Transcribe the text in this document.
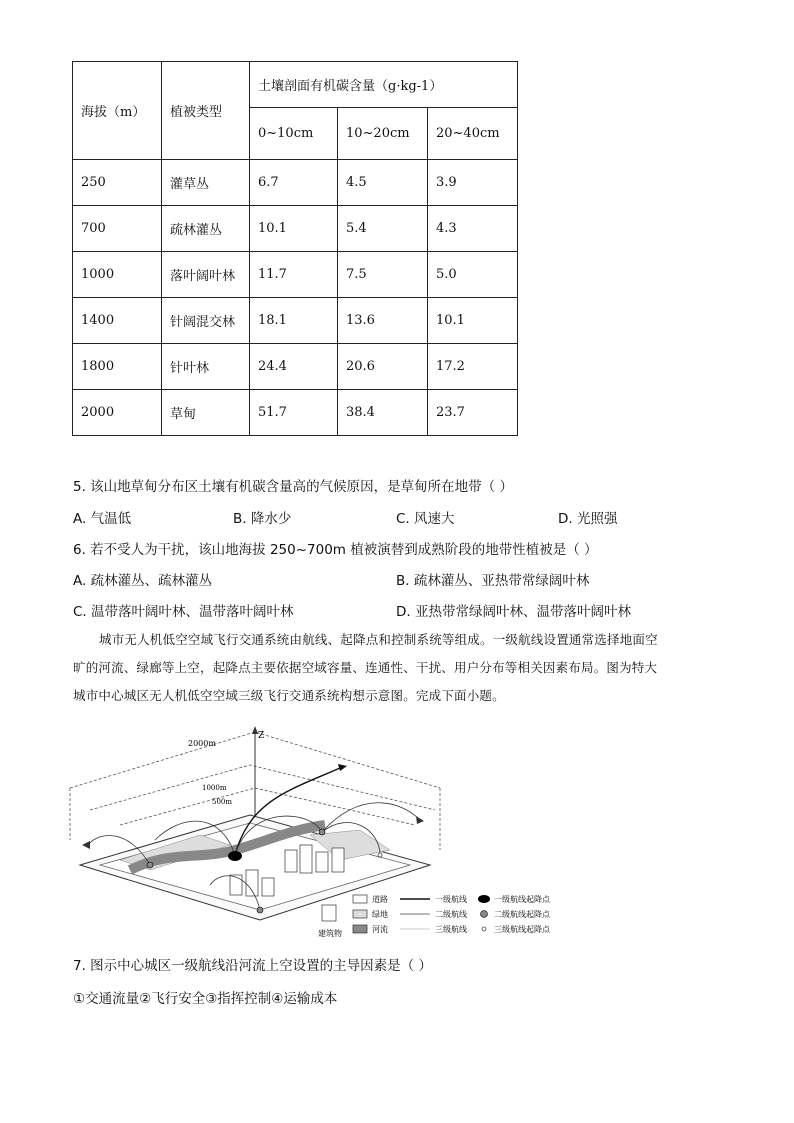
海拔（m）	植被类型	土壤剖面有机碳含量（g·kg-1）		
		0~10cm	10~20cm	20~40cm
250	灌草丛	6.7	4.5	3.9
700	疏林灌丛	10.1	5.4	4.3
1000	落叶阔叶林	11.7	7.5	5.0
1400	针阔混交林	18.1	13.6	10.1
1800	针叶林	24.4	20.6	17.2
2000	草甸	51.7	38.4	23.7
5. 该山地草甸分布区土壤有机碳含量高的气候原因，是草甸所在地带（ ）
A. 气温低	B. 降水少	C. 风速大	D. 光照强
6. 若不受人为干扰，该山地海拔 250~700m 植被演替到成熟阶段的地带性植被是（ ）
A. 疏林灌丛、疏林灌丛	B. 疏林灌丛、亚热带常绿阔叶林
C. 温带落叶阔叶林、温带落叶阔叶林	D. 亚热带常绿阔叶林、温带落叶阔叶林
城市无人机低空空域飞行交通系统由航线、起降点和控制系统等组成。一级航线设置通常选择地面空
旷的河流、绿廊等上空，起降点主要依据空域容量、连通性、干扰、用户分布等相关因素布局。图为特大
城市中心城区无人机低空空域三级飞行交通系统构想示意图。完成下面小题。
Z
2000m
1000m
500m
道路
绿地
河流
建筑物
一级航线
二级航线
三级航线
一级航线起降点
二级航线起降点
三级航线起降点
7. 图示中心城区一级航线沿河流上空设置的主导因素是（ ）
①交通流量②飞行安全③指挥控制④运输成本
